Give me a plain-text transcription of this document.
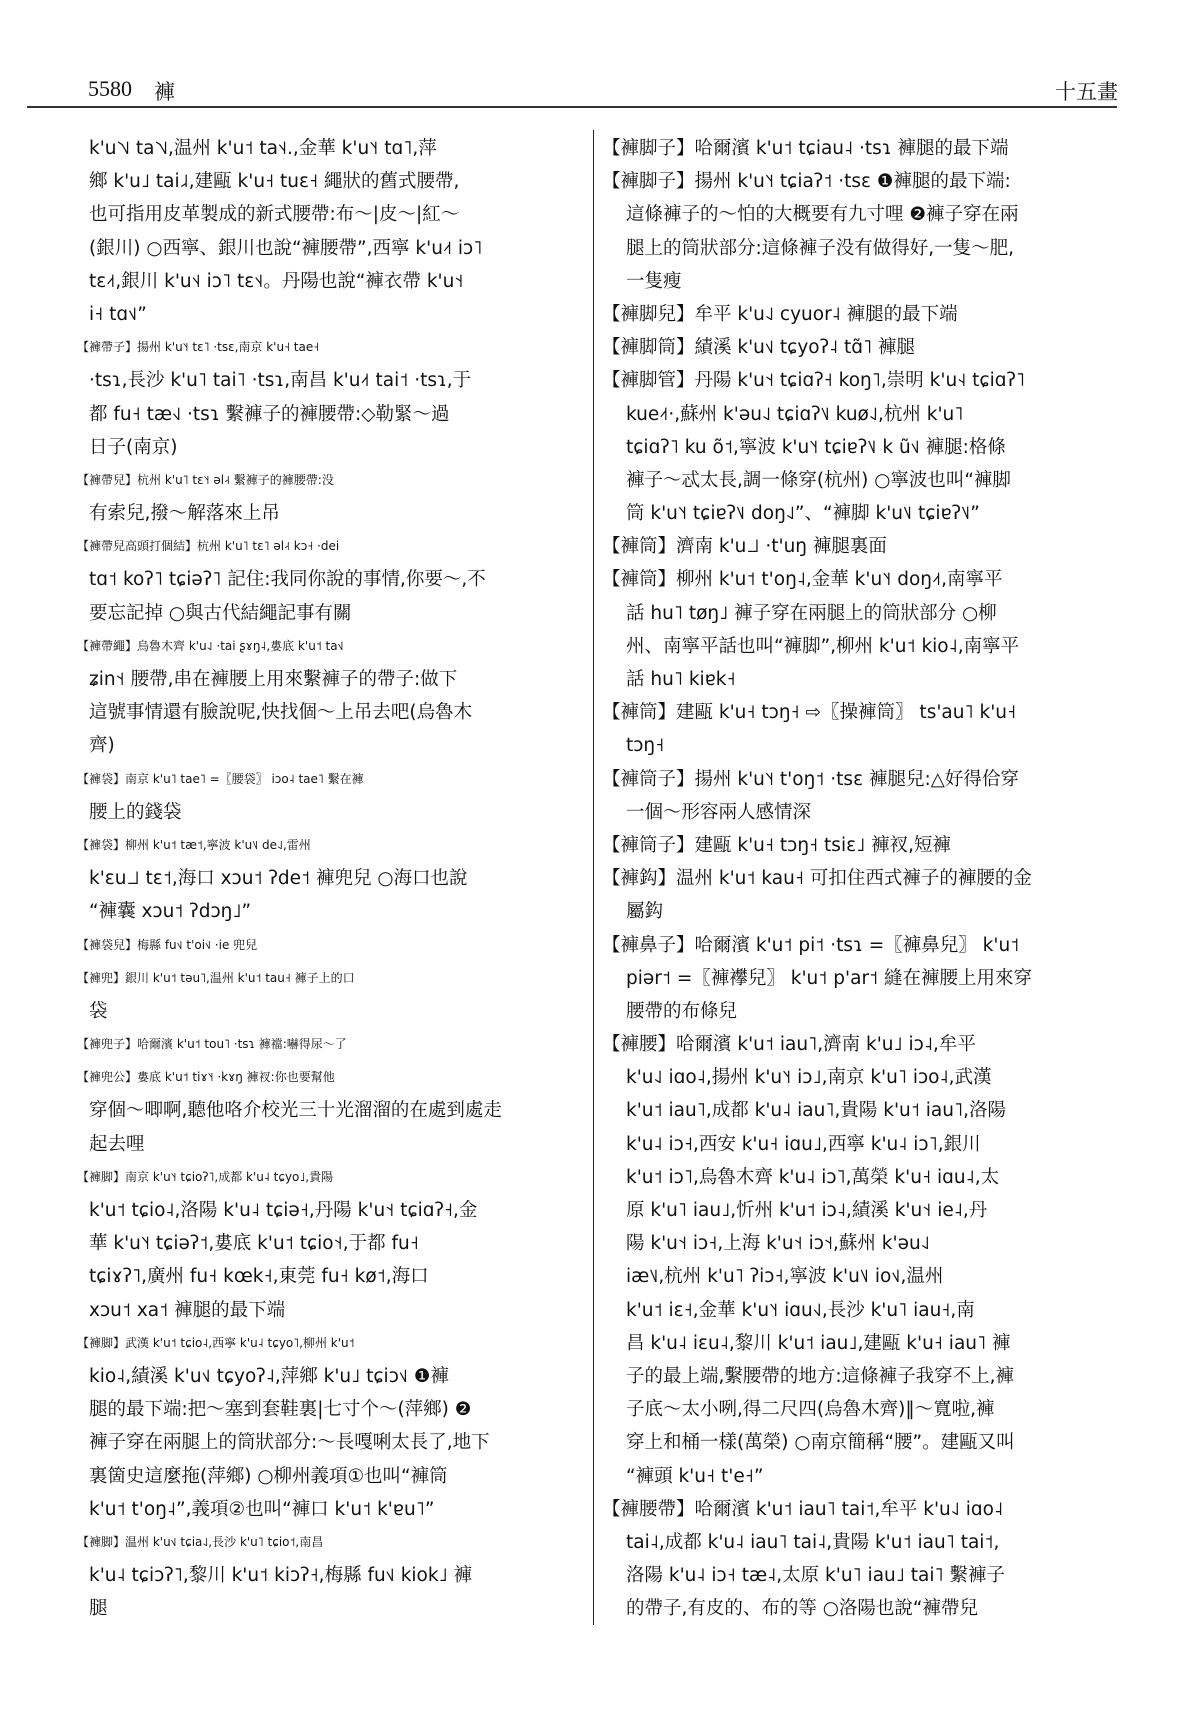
5580 褲	十五畫
k'u˥˦˩ ta˥˦˩,温州 k'u˦ ta˦˨.,金華 k'u˥˧ tɑ˥,萍
鄉 k'u˩ tai˩˨,建甌 k'u˧ tuɛ˧ 繩狀的舊式腰帶,
也可指用皮革製成的新式腰帶:布～|皮～|紅～
(銀川) ○西寧、銀川也說“褲腰帶”,西寧 k'u˨˦ iɔ˥
tɛ˨˦,銀川 k'u˦˨ iɔ˥ tɛ˦˨。丹陽也說“褲衣帶 k'u˦˧
i˧ tɑ˦˩”
【褲帶子】揚州 k'u˥˧ tɛ˥ ·tsɛ,南京 k'u˧ tae˧
·tsɿ,長沙 k'u˥ tai˥ ·tsɿ,南昌 k'u˨˦ tai˦ ·tsɿ,于
都 fu˧ tæ˧˩ ·tsɿ 繫褲子的褲腰帶:◇勒緊～過
日子(南京)
【褲帶兒】杭州 k'u˥ tɛ˥˧ əl˨˧ 繫褲子的褲腰帶:没
有索兒,撥～解落來上吊
【褲帶兒高頭打個結】杭州 k'u˥ tɛ˥ əl˨˧ kɔ˧ ·dei
tɑ˦ koʔ˥ tɕiəʔ˥ 記住:我同你說的事情,你要～,不
要忘記掉 ○與古代結繩記事有關
【褲帶繩】烏魯木齊 k'u˨˩ ·tai ʂɤŋ˨,婁底 k'u˦ ta˦˩
ʑin˦˧ 腰帶,串在褲腰上用來繫褲子的帶子:做下
這號事情還有臉說呢,快找個～上吊去吧(烏魯木
齊)
【褲袋】南京 k'u˥ tae˥ =〖腰袋〗 iɔo˨ tae˥ 繫在褲
腰上的錢袋
【褲袋】柳州 k'u˦ tæ˦,寧波 k'u˥˩ de˨˩,雷州
k'ɛu˩˩ tɛ˦,海口 xɔu˦ ʔde˦ 褲兜兒 ○海口也說
“褲囊 xɔu˦ ʔdɔŋ˩”
【褲袋兒】梅縣 fu˦˩ t'oi˦˩ ·ie 兜兒
【褲兜】銀川 k'u˦ təu˥,温州 k'u˦ tau˧ 褲子上的口
袋
【褲兜子】哈爾濱 k'u˦ tou˥ ·tsɿ 褲襠:嚇得尿～了
【褲兜公】婁底 k'u˦ tiɤ˥˧ ·kɤŋ 褲衩:你也要幫他
穿個～唧啊,聽他咯介校光三十光溜溜的在處到處走
起去哩
【褲脚】南京 k'u˥˧ tɕioʔ˥,成都 k'u˨ tɕyo˩,貴陽
k'u˦ tɕio˨,洛陽 k'u˨ tɕiə˧,丹陽 k'u˦˧ tɕiɑʔ˧,金
華 k'u˥˧ tɕiəʔ˦,婁底 k'u˦ tɕio˦˧,于都 fu˧
tɕiɤʔ˥,廣州 fu˧ kœk˧,東莞 fu˧ kø˦,海口
xɔu˦ xa˦ 褲腿的最下端
【褲脚】武漢 k'u˦ tɕio˨,西寧 k'u˨ tɕyo˥,柳州 k'u˦
kio˨,績溪 k'u˦˩ tɕyoʔ˨,萍鄉 k'u˩ tɕiɔ˦˩ ❶褲
腿的最下端:把～塞到套鞋裏|七寸个～(萍鄉) ❷
褲子穿在兩腿上的筒狀部分:～長嘎唎太長了,地下
裏箇史這麼拖(萍鄉) ○柳州義項①也叫“褲筒
k'u˦ t'oŋ˨”,義項②也叫“褲口 k'u˦ k'ɐu˥”
【褲脚】温州 k'u˦˩ tɕia˨˩,長沙 k'u˥ tɕio˦,南昌
k'u˨ tɕiɔʔ˥,黎川 k'u˦ kiɔʔ˧,梅縣 fu˦˩ kiok˩ 褲
腿
【褲脚子】哈爾濱 k'u˦ tɕiau˨ ·tsɿ 褲腿的最下端
【褲脚子】揚州 k'u˥˧ tɕiaʔ˦ ·tsɛ ❶褲腿的最下端:
這條褲子的～怕的大概要有九寸哩 ❷褲子穿在兩
腿上的筒狀部分:這條褲子没有做得好,一隻～肥,
一隻瘦
【褲脚兒】牟平 k'u˨˩ cyuor˨ 褲腿的最下端
【褲脚筒】績溪 k'u˦˩ tɕyoʔ˨ tɑ̃˥ 褲腿
【褲脚管】丹陽 k'u˦˧ tɕiɑʔ˧ koŋ˥,崇明 k'u˧˨ tɕiɑʔ˥
kue˨˦·,蘇州 k'əu˨˩ tɕiɑʔ˥˩ kuø˨˩,杭州 k'u˥
tɕiɑʔ˥ ku õ˦,寧波 k'u˥˧ tɕiɐʔ˥˩ k ũ˦˩ 褲腿:格條
褲子～忒太長,調一條穿(杭州) ○寧波也叫“褲脚
筒 k'u˥˧ tɕiɐʔ˥˩ doŋ˨˩”、“褲脚 k'u˥˩ tɕiɐʔ˥˩”
【褲筒】濟南 k'u˩˩ ·t'uŋ 褲腿裏面
【褲筒】柳州 k'u˦ t'oŋ˨,金華 k'u˥˧ doŋ˨˦,南寧平
話 hu˥ tøŋ˩ 褲子穿在兩腿上的筒狀部分 ○柳
州、南寧平話也叫“褲脚”,柳州 k'u˦ kio˨,南寧平
話 hu˥ kiɐk˧
【褲筒】建甌 k'u˧ tɔŋ˧ ⇨〖操褲筒〗 ts'au˥ k'u˧
tɔŋ˧
【褲筒子】揚州 k'u˥˧ t'oŋ˦ ·tsɛ 褲腿兒:△好得佮穿
一個～形容兩人感情深
【褲筒子】建甌 k'u˧ tɔŋ˧ tsiɛ˩ 褲衩,短褲
【褲鈎】温州 k'u˦ kau˧ 可扣住西式褲子的褲腰的金
屬鈎
【褲鼻子】哈爾濱 k'u˦ pi˦ ·tsɿ =〖褲鼻兒〗 k'u˦
piər˦ =〖褲襻兒〗 k'u˦ p'ar˦ 縫在褲腰上用來穿
腰帶的布條兒
【褲腰】哈爾濱 k'u˦ iau˥,濟南 k'u˩ iɔ˨,牟平
k'u˨˩ iɑo˨,揚州 k'u˥˧ iɔ˩,南京 k'u˥ iɔo˨,武漢
k'u˦ iau˥,成都 k'u˨ iau˥,貴陽 k'u˦ iau˥,洛陽
k'u˨ iɔ˧,西安 k'u˧ iɑu˩,西寧 k'u˨ iɔ˥,銀川
k'u˦ iɔ˥,烏魯木齊 k'u˨ iɔ˥,萬榮 k'u˧ iɑu˨,太
原 k'u˥ iau˩,忻州 k'u˦ iɔ˨,績溪 k'u˦˧ ie˨,丹
陽 k'u˦˧ iɔ˧,上海 k'u˦˧ iɔ˦˧,蘇州 k'əu˨˩
iæ˥˩,杭州 k'u˥ ʔiɔ˧,寧波 k'u˥˩ io˦˩,温州
k'u˦ iɛ˧,金華 k'u˥˧ iɑu˧˩,長沙 k'u˥ iau˧,南
昌 k'u˨ iɛu˨,黎川 k'u˦ iau˩,建甌 k'u˧ iau˥ 褲
子的最上端,繫腰帶的地方:這條褲子我穿不上,褲
子底～太小咧,得二尺四(烏魯木齊)‖～寬啦,褲
穿上和桶一樣(萬榮) ○南京簡稱“腰”。建甌又叫
“褲頭 k'u˧ t'e˧”
【褲腰帶】哈爾濱 k'u˦ iau˥ tai˦,牟平 k'u˨˩ iɑo˨
tai˨,成都 k'u˨ iau˥ tai˨,貴陽 k'u˦ iau˥ tai˦,
洛陽 k'u˨ iɔ˧ tæ˨,太原 k'u˥ iau˩ tai˥ 繫褲子
的帶子,有皮的、布的等 ○洛陽也說“褲帶兒
